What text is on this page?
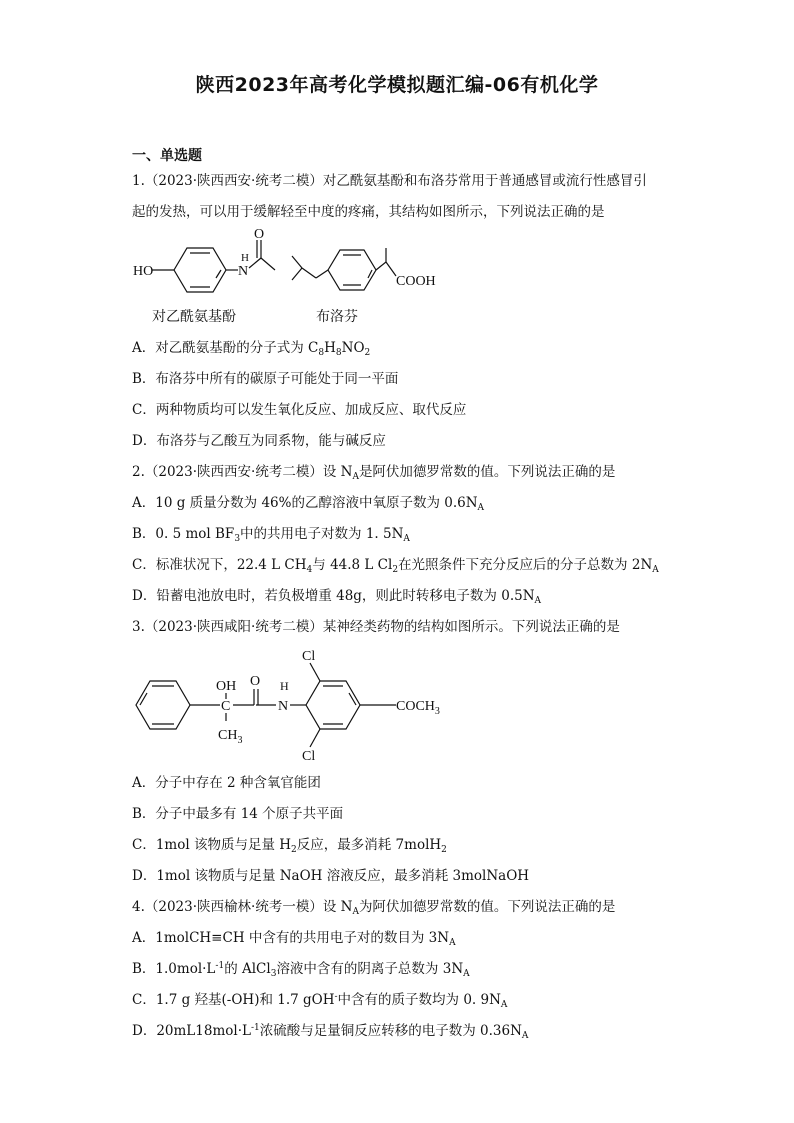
陕西2023年高考化学模拟题汇编-06有机化学
一、单选题
1.（2023·陕西西安·统考二模）对乙酰氨基酚和布洛芬常用于普通感冒或流行性感冒引
起的发热，可以用于缓解轻至中度的疼痛，其结构如图所示，下列说法正确的是
HO	N
H
O
COOH
对乙酰氨基酚	布洛芬
A．对乙酰氨基酚的分子式为 $C_8H_8NO_2$
B．布洛芬中所有的碳原子可能处于同一平面
C．两种物质均可以发生氧化反应、加成反应、取代反应
D．布洛芬与乙酸互为同系物，能与碱反应
2.（2023·陕西西安·统考二模）设 $N_A$是阿伏加德罗常数的值。下列说法正确的是
A．10 g 质量分数为 46%的乙醇溶液中氧原子数为 $0.6N_A$
B．0. 5 mol $BF_3$中的共用电子对数为 1. $5N_A$
C．标准状况下，22.4 L $CH_4$与 44.8 L $Cl_2$在光照条件下充分反应后的分子总数为 $2N_A$
D．铅蓄电池放电时，若负极增重 48g，则此时转移电子数为 $0.5N_A$
3.（2023·陕西咸阳·统考二模）某神经类药物的结构如图所示。下列说法正确的是
OH
C
$CH_3$
O H
N
Cl
Cl
$COCH_3$
A．分子中存在 2 种含氧官能团
B．分子中最多有 14 个原子共平面
C．1mol 该物质与足量 $H_2$反应，最多消耗 7molH$_2$
D．1mol 该物质与足量 NaOH 溶液反应，最多消耗 3molNaOH
4.（2023·陕西榆林·统考一模）设 $N_A$为阿伏加德罗常数的值。下列说法正确的是
A．1molCH≡CH 中含有的共用电子对的数目为 $3N_A$
B．$1.0mol\cdot L^{-1}$的 AlCl$_3$溶液中含有的阴离子总数为 $3N_A$
C．1.7 g 羟基(-OH)和 1.7 gOH-中含有的质子数均为 0. $9N_A$
D．$20mL18mol\cdot L^{-1}$浓硫酸与足量铜反应转移的电子数为 $0.36N_A$
